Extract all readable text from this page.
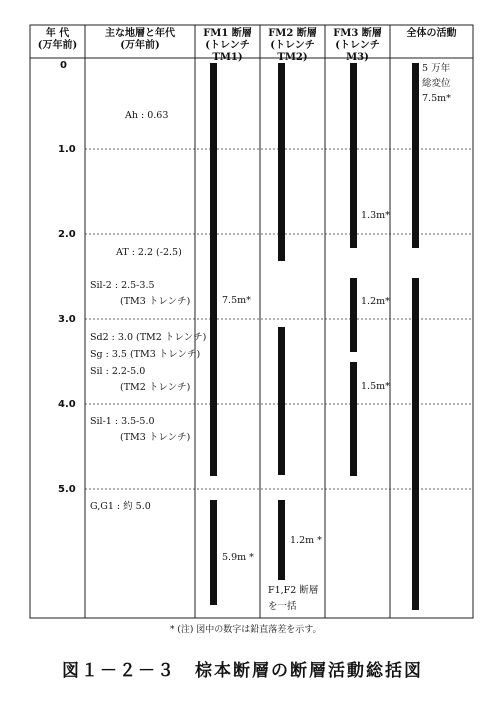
年 代
(万年前)
主な地層と年代
(万年前)
FM1 断層
(トレンチ TM1)
FM2 断層
(トレンチ TM2)
FM3 断層
(トレンチ M3)
全体の活動
0
1.0
2.0
3.0
4.0
5.0
Ah : 0.63
AT : 2.2 (-2.5)
Sil-2 : 2.5-3.5
(TM3 トレンチ)
Sd2 : 3.0 (TM2 トレンチ)
Sg : 3.5 (TM3 トレンチ)
Sil : 2.2-5.0
(TM2 トレンチ)
Sil-1 : 3.5-5.0
(TM3 トレンチ)
G,G1 : 約 5.0
7.5m*
5.9m *
1.2m *
F1,F2 断層
を一括
1.3m*
1.2m*
1.5m*
5 万年
総変位
7.5m*
* (注) 図中の数字は鉛直落差を示す。
図１－２－３　棕本断層の断層活動総括図
